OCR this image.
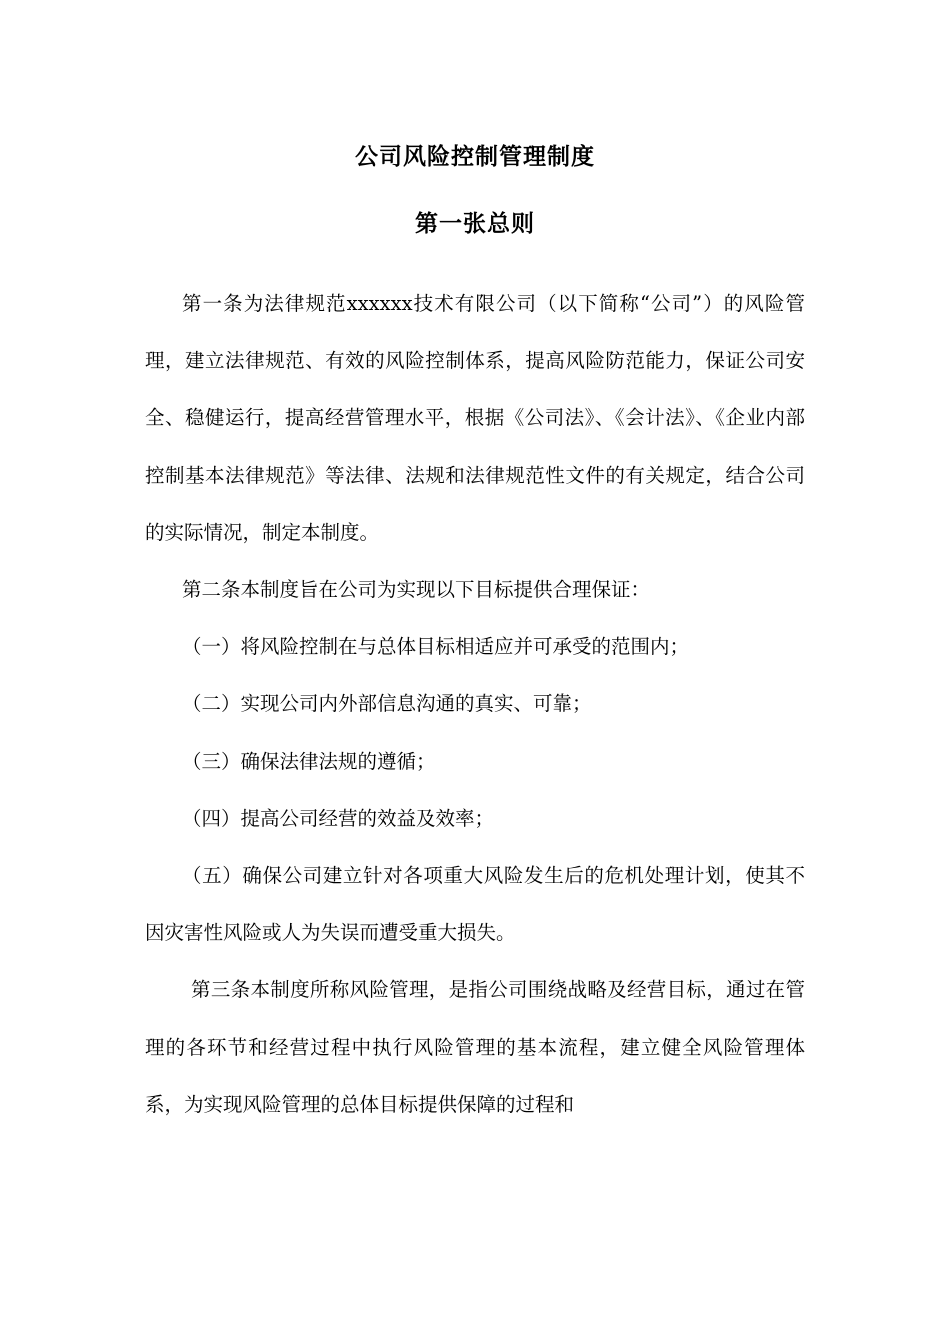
公司风险控制管理制度
第一张总则

第一条为法律规范xxxxxx技术有限公司（以下简称“公司”）的风险管理，建立法律规范、有效的风险控制体系，提高风险防范能力，保证公司安全、稳健运行，提高经营管理水平，根据《公司法》、《会计法》、《企业内部控制基本法律规范》等法律、法规和法律规范性文件的有关规定，结合公司的实际情况，制定本制度。

第二条本制度旨在公司为实现以下目标提供合理保证：

（一）将风险控制在与总体目标相适应并可承受的范围内；

（二）实现公司内外部信息沟通的真实、可靠；

（三）确保法律法规的遵循；

（四）提高公司经营的效益及效率；

（五）确保公司建立针对各项重大风险发生后的危机处理计划，使其不因灾害性风险或人为失误而遭受重大损失。

第三条本制度所称风险管理，是指公司围绕战略及经营目标，通过在管理的各环节和经营过程中执行风险管理的基本流程，建立健全风险管理体系，为实现风险管理的总体目标提供保障的过程和
